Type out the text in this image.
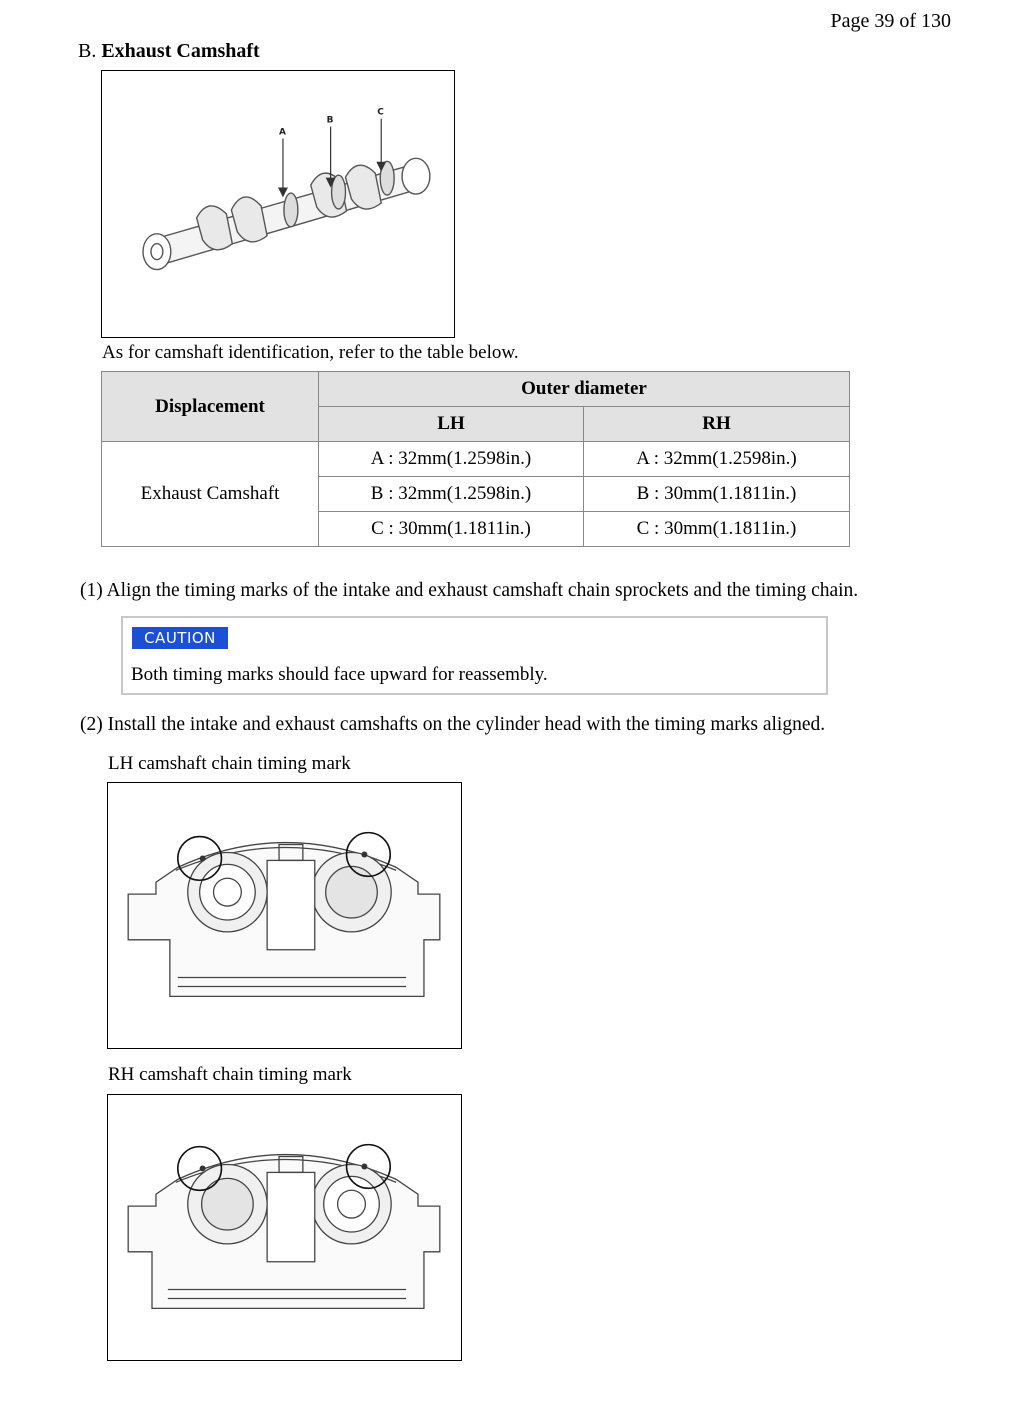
Page 39 of 130
B. Exhaust Camshaft
A
B
C
As for camshaft identification, refer to the table below.
Displacement	Outer diameter	
	LH	RH
Exhaust Camshaft	A : 32mm(1.2598in.)	A : 32mm(1.2598in.)
	B : 32mm(1.2598in.)	B : 30mm(1.1811in.)
	C : 30mm(1.1811in.)	C : 30mm(1.1811in.)
(1) Align the timing marks of the intake and exhaust camshaft chain sprockets and the timing chain.
CAUTION
Both timing marks should face upward for reassembly.
(2) Install the intake and exhaust camshafts on the cylinder head with the timing marks aligned.
LH camshaft chain timing mark
RH camshaft chain timing mark
